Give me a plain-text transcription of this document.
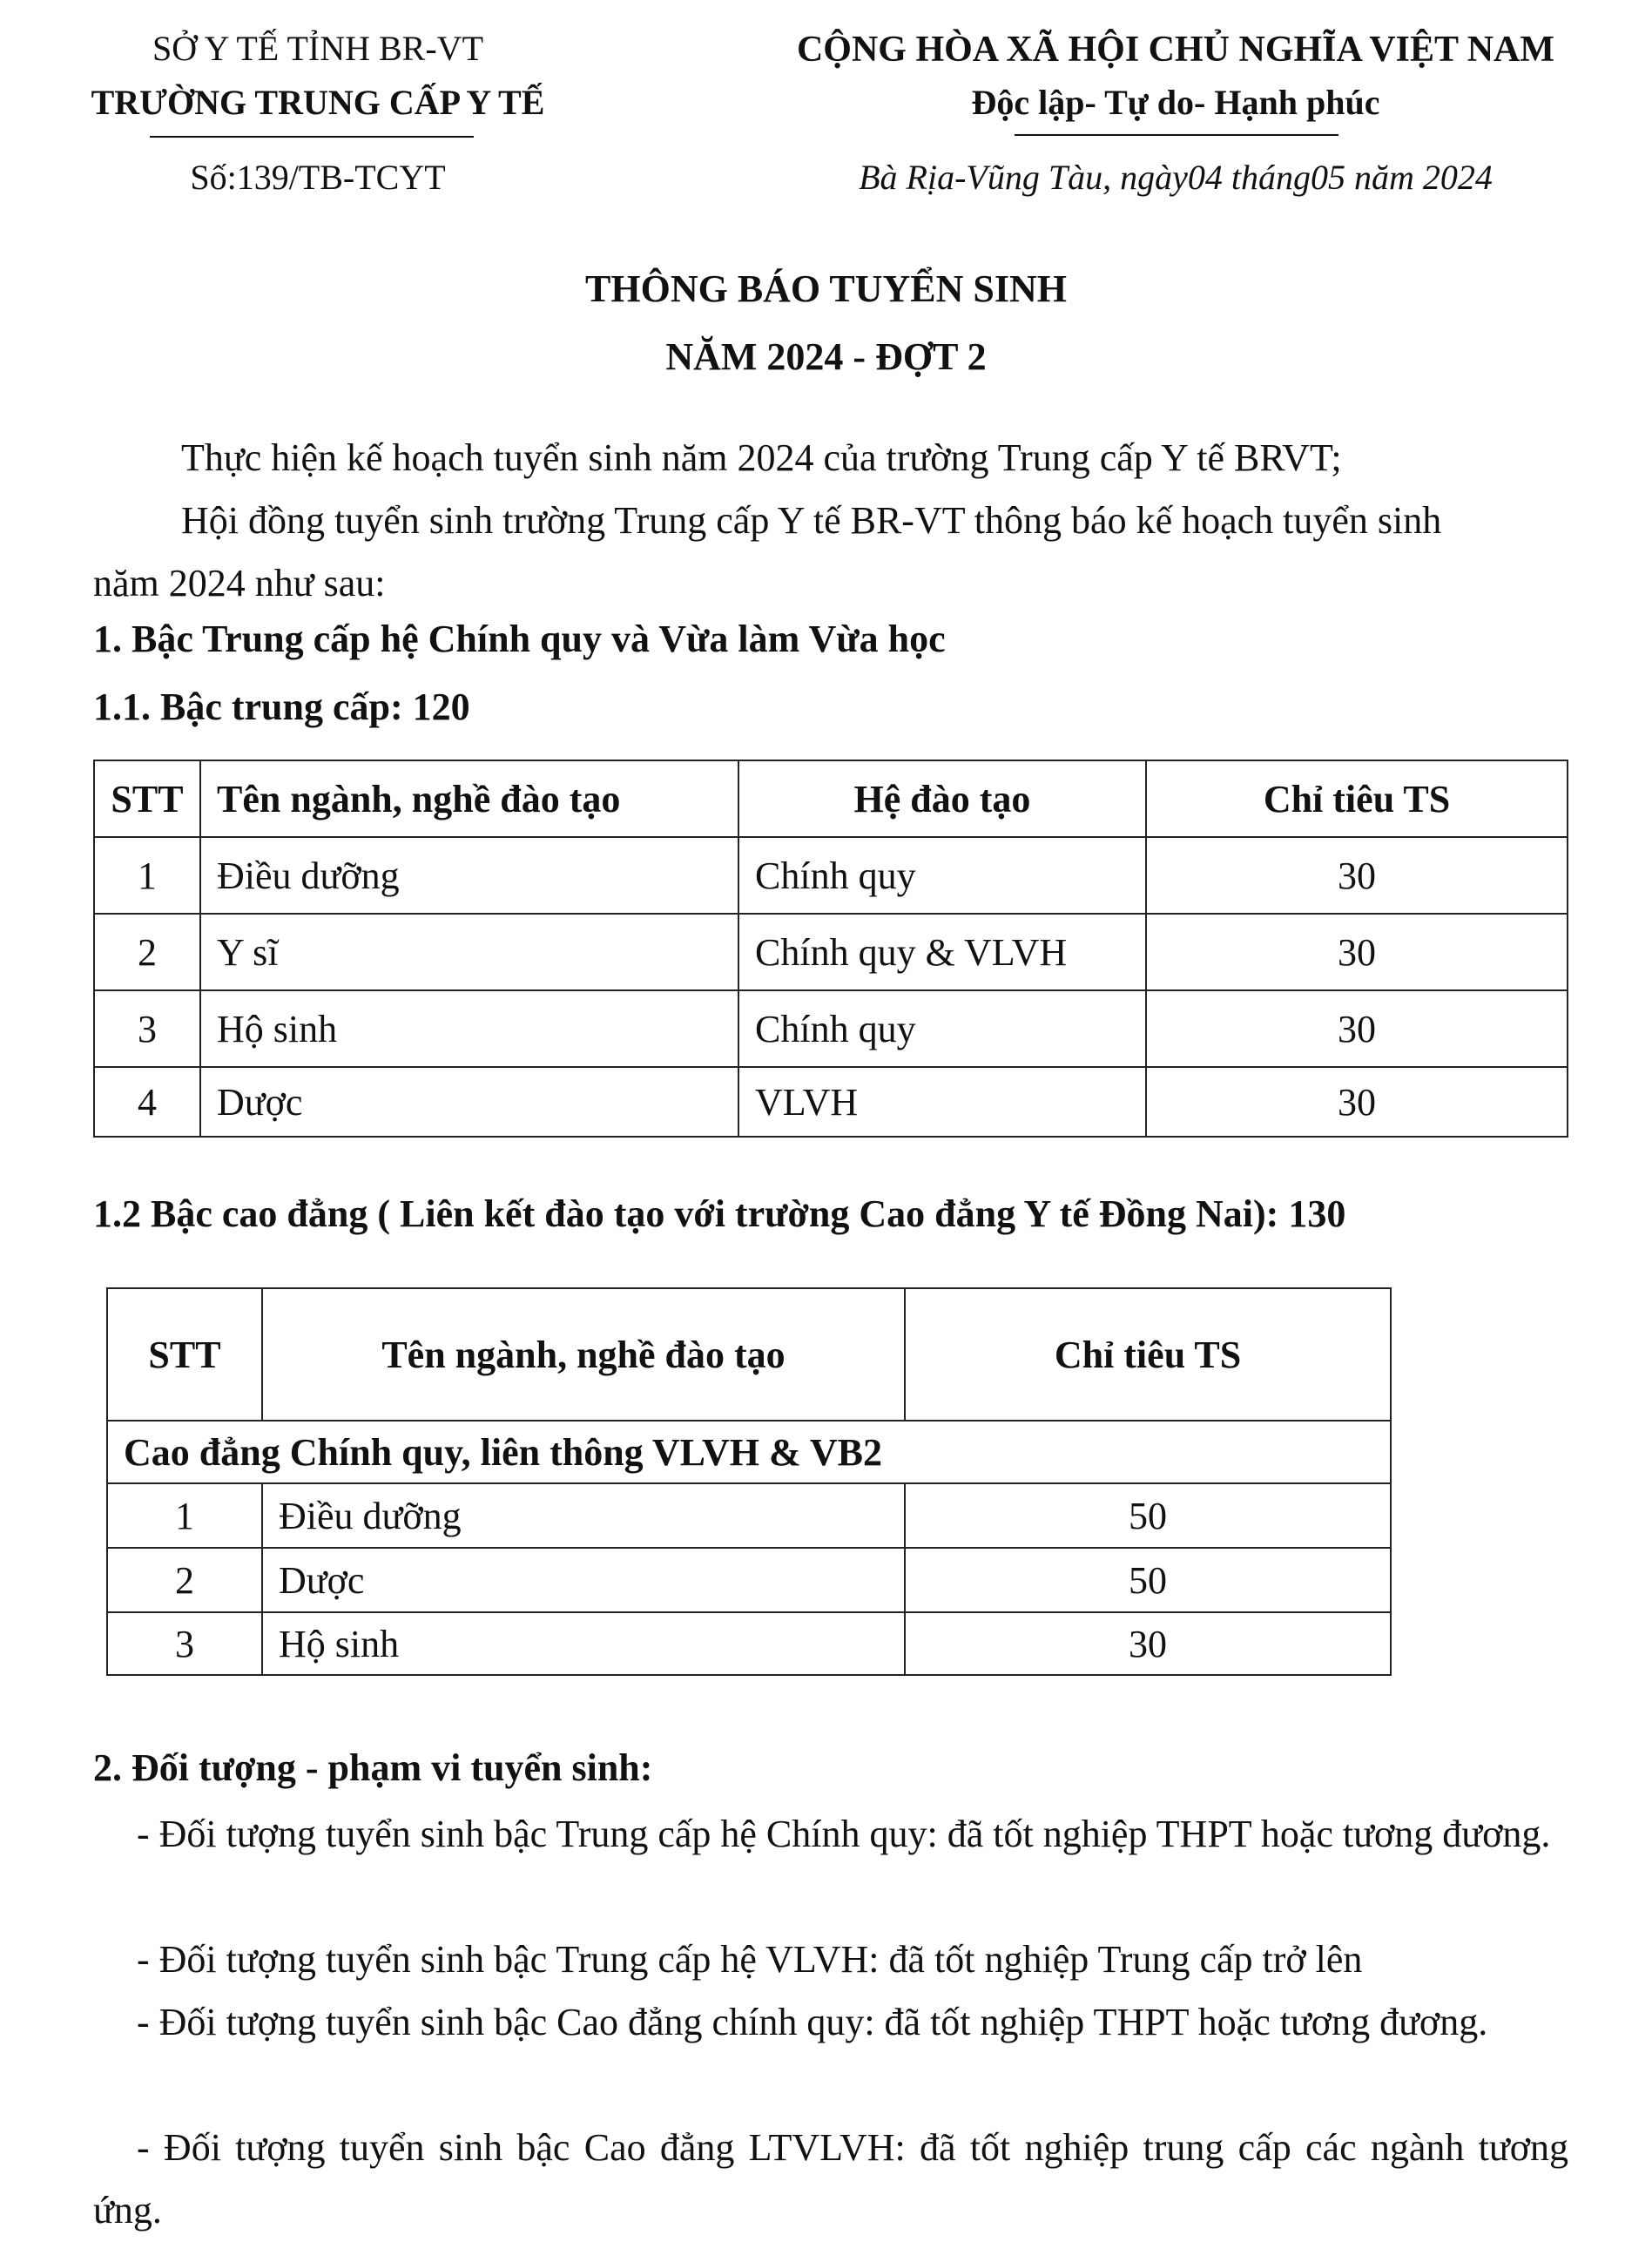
SỞ Y TẾ TỈNH BR-VT
TRƯỜNG TRUNG CẤP Y TẾ
Số:139/TB-TCYT
CỘNG HÒA XÃ HỘI CHỦ NGHĨA VIỆT NAM
Độc lập- Tự do- Hạnh phúc
Bà Rịa-Vũng Tàu, ngày04 tháng05 năm 2024
THÔNG BÁO TUYỂN SINH
NĂM 2024 - ĐỢT 2

Thực hiện kế hoạch tuyển sinh năm 2024 của trường Trung cấp Y tế BRVT;

Hội đồng tuyển sinh trường Trung cấp Y tế BR-VT thông báo kế hoạch tuyển sinh

năm 2024 như sau:

1. Bậc Trung cấp hệ Chính quy và Vừa làm Vừa học
1.1. Bậc trung cấp: 120
STT	Tên ngành, nghề đào tạo	Hệ đào tạo	Chỉ tiêu TS
1	Điều dưỡng	Chính quy	30
2	Y sĩ	Chính quy & VLVH	30
3	Hộ sinh	Chính quy	30
4	Dược	VLVH	30
1.2 Bậc cao đẳng ( Liên kết đào tạo với trường Cao đẳng Y tế Đồng Nai): 130
STT	Tên ngành, nghề đào tạo	Chỉ tiêu TS
Cao đẳng Chính quy, liên thông VLVH & VB2		
1	Điều dưỡng	50
2	Dược	50
3	Hộ sinh	30
2. Đối tượng - phạm vi tuyển sinh:

- Đối tượng tuyển sinh bậc Trung cấp hệ Chính quy: đã tốt nghiệp THPT hoặc tương đương.

- Đối tượng tuyển sinh bậc Trung cấp hệ VLVH: đã tốt nghiệp Trung cấp trở lên

- Đối tượng tuyển sinh bậc Cao đẳng chính quy: đã tốt nghiệp THPT hoặc tương đương.

- Đối tượng tuyển sinh bậc Cao đẳng LTVLVH: đã tốt nghiệp trung cấp các ngành tương ứng.
